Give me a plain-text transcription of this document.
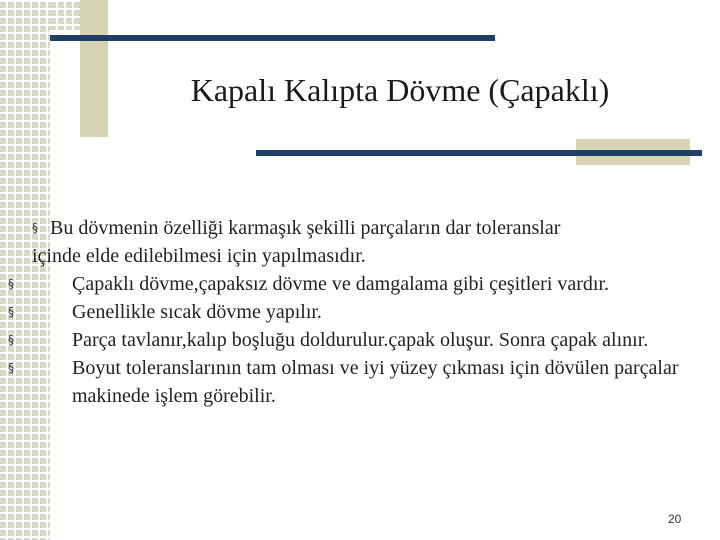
Kapalı Kalıpta Dövme (Çapaklı)

§ Bu dövmenin özelliği karmaşık şekilli parçaların dar toleranslar

içinde elde edilebilmesi için yapılmasıdır.

§	Çapaklı dövme,çapaksız dövme ve damgalama gibi çeşitleri vardır.

§	Genellikle sıcak dövme yapılır.

§	Parça tavlanır,kalıp boşluğu doldurulur.çapak oluşur. Sonra çapak alınır.

§	Boyut toleranslarının tam olması ve iyi yüzey çıkması için dövülen parçalar makinede işlem görebilir.

20
